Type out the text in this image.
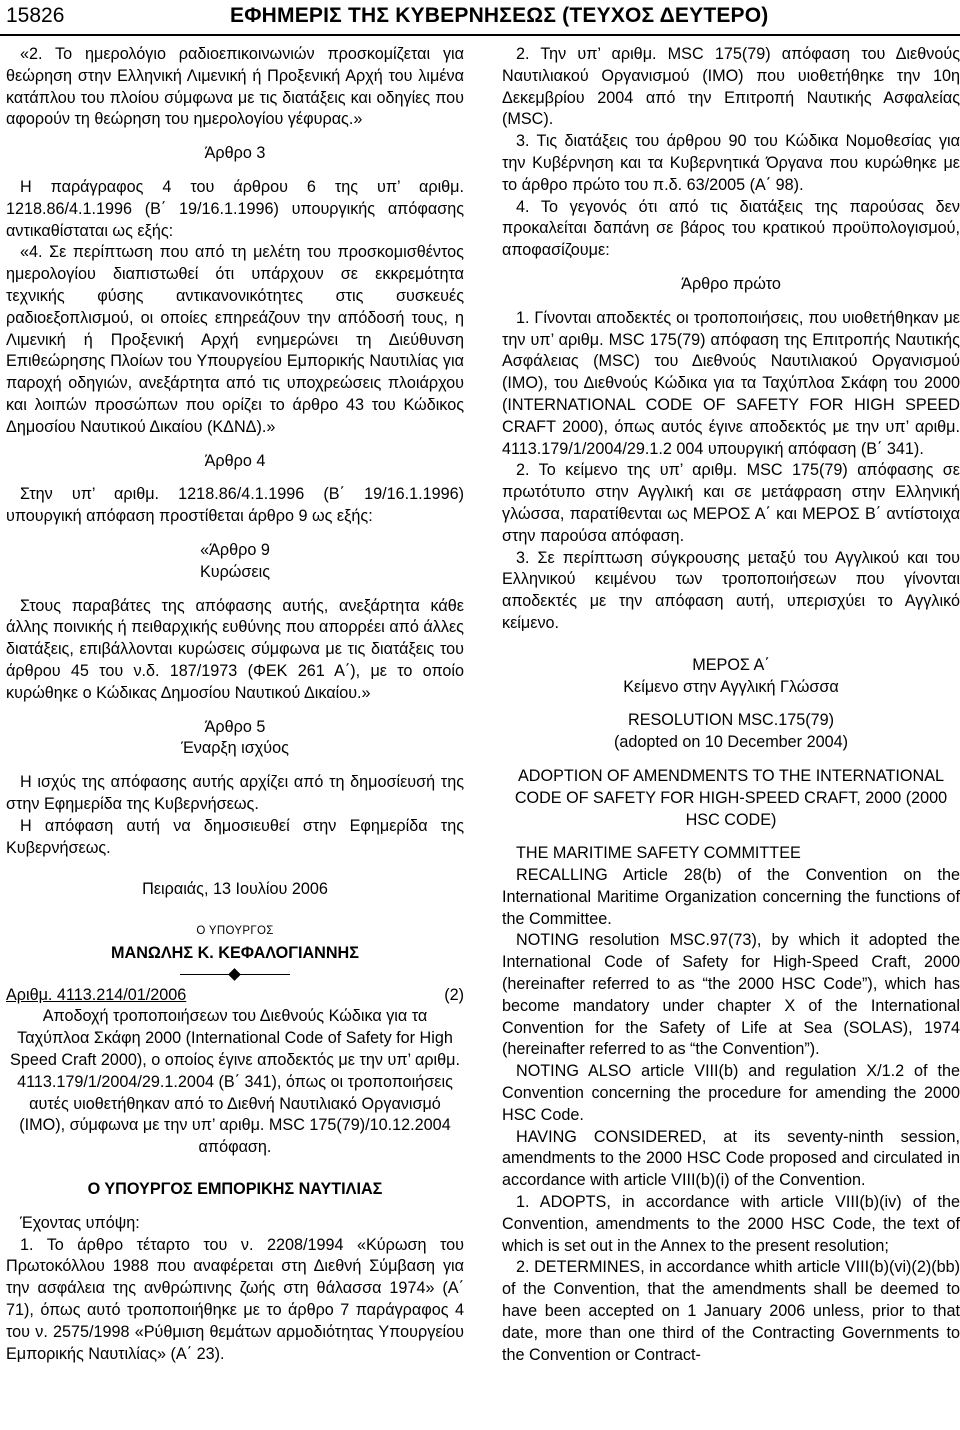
15826	ΕΦΗΜΕΡΙΣ ΤΗΣ ΚΥΒΕΡΝΗΣΕΩΣ (ΤΕΥΧΟΣ ΔΕΥΤΕΡΟ)

«2. Το ημερολόγιο ραδιοεπικοινωνιών προσκομίζεται για θεώρηση στην Ελληνική Λιμενική ή Προξενική Αρχή του λιμένα κατάπλου του πλοίου σύμφωνα με τις διατάξεις και οδηγίες που αφορούν τη θεώρηση του ημερολογίου γέφυρας.»

Άρθρο 3

Η παράγραφος 4 του άρθρου 6 της υπ’ αριθμ. 1218.86/4.1.1996 (Β΄ 19/16.1.1996) υπουργικής απόφασης αντικαθίσταται ως εξής:

«4. Σε περίπτωση που από τη μελέτη του προσκομισθέντος ημερολογίου διαπιστωθεί ότι υπάρχουν σε εκκρεμότητα τεχνικής φύσης αντικανονικότητες στις συσκευές ραδιοεξοπλισμού, οι οποίες επηρεάζουν την απόδοσή τους, η Λιμενική ή Προξενική Αρχή ενημερώνει τη Διεύθυνση Επιθεώρησης Πλοίων του Υπουργείου Εμπορικής Ναυτιλίας για παροχή οδηγιών, ανεξάρτητα από τις υποχρεώσεις πλοιάρχου και λοιπών προσώπων που ορίζει το άρθρο 43 του Κώδικος Δημοσίου Ναυτικού Δικαίου (ΚΔΝΔ).»

Άρθρο 4

Στην υπ’ αριθμ. 1218.86/4.1.1996 (Β΄ 19/16.1.1996) υπουργική απόφαση προστίθεται άρθρο 9 ως εξής:

«Άρθρο 9

Κυρώσεις

Στους παραβάτες της απόφασης αυτής, ανεξάρτητα κάθε άλλης ποινικής ή πειθαρχικής ευθύνης που απορρέει από άλλες διατάξεις, επιβάλλονται κυρώσεις σύμφωνα με τις διατάξεις του άρθρου 45 του ν.δ. 187/1973 (ΦΕΚ 261 Α΄), με το οποίο κυρώθηκε ο Κώδικας Δημοσίου Ναυτικού Δικαίου.»

Άρθρο 5

Έναρξη ισχύος

Η ισχύς της απόφασης αυτής αρχίζει από τη δημοσίευσή της στην Εφημερίδα της Κυβερνήσεως.

Η απόφαση αυτή να δημοσιευθεί στην Εφημερίδα της Κυβερνήσεως.

Πειραιάς, 13 Ιουλίου 2006

Ο ΥΠΟΥΡΓΟΣ

ΜΑΝΩΛΗΣ Κ. ΚΕΦΑΛΟΓΙΑΝΝΗΣ

Αριθμ. 4113.214/01/2006	(2)

Αποδοχή τροποποιήσεων του Διεθνούς Κώδικα για τα Ταχύπλοα Σκάφη 2000 (International Code of Safety for High Speed Craft 2000), ο οποίος έγινε αποδεκτός με την υπ’ αριθμ. 4113.179/1/2004/29.1.2004 (Β΄ 341), όπως οι τροποποιήσεις αυτές υιοθετήθηκαν από το Διεθνή Ναυτιλιακό Οργανισμό (ΙΜΟ), σύμφωνα με την υπ’ αριθμ. MSC 175(79)/10.12.2004 απόφαση.

Ο ΥΠΟΥΡΓΟΣ ΕΜΠΟΡΙΚΗΣ ΝΑΥΤΙΛΙΑΣ

Έχοντας υπόψη:

1. Το άρθρο τέταρτο του ν. 2208/1994 «Κύρωση του Πρωτοκόλλου 1988 που αναφέρεται στη Διεθνή Σύμβαση για την ασφάλεια της ανθρώπινης ζωής στη θάλασσα 1974» (Α΄ 71), όπως αυτό τροποποιήθηκε με το άρθρο 7 παράγραφος 4 του ν. 2575/1998 «Ρύθμιση θεμάτων αρμοδιότητας Υπουργείου Εμπορικής Ναυτιλίας» (Α΄ 23).

2. Την υπ’ αριθμ. MSC 175(79) απόφαση του Διεθνούς Ναυτιλιακού Οργανισμού (ΙΜΟ) που υιοθετήθηκε την 10η Δεκεμβρίου 2004 από την Επιτροπή Ναυτικής Ασφαλείας (MSC).

3. Τις διατάξεις του άρθρου 90 του Κώδικα Νομοθεσίας για την Κυβέρνηση και τα Κυβερνητικά Όργανα που κυρώθηκε με το άρθρο πρώτο του π.δ. 63/2005 (Α΄ 98).

4. Το γεγονός ότι από τις διατάξεις της παρούσας δεν προκαλείται δαπάνη σε βάρος του κρατικού προϋπολογισμού, αποφασίζουμε:

Άρθρο πρώτο

1. Γίνονται αποδεκτές οι τροποποιήσεις, που υιοθετήθηκαν με την υπ’ αριθμ. MSC 175(79) απόφαση της Επιτροπής Ναυτικής Ασφάλειας (MSC) του Διεθνούς Ναυτιλιακού Οργανισμού (ΙΜΟ), του Διεθνούς Κώδικα για τα Ταχύπλοα Σκάφη του 2000 (INTERNATIONAL CODE OF SAFETY FOR HIGH SPEED CRAFT 2000), όπως αυτός έγινε αποδεκτός με την υπ’ αριθμ. 4113.179/1/2004/29.1.2 004 υπουργική απόφαση (Β΄ 341).

2. Το κείμενο της υπ’ αριθμ. MSC 175(79) απόφασης σε πρωτότυπο στην Αγγλική και σε μετάφραση στην Ελληνική γλώσσα, παρατίθενται ως ΜΕΡΟΣ Α΄ και ΜΕΡΟΣ Β΄ αντίστοιχα στην παρούσα απόφαση.

3. Σε περίπτωση σύγκρουσης μεταξύ του Αγγλικού και του Ελληνικού κειμένου των τροποποιήσεων που γίνονται αποδεκτές με την απόφαση αυτή, υπερισχύει το Αγγλικό κείμενο.

ΜΕΡΟΣ Α΄

Κείμενο στην Αγγλική Γλώσσα

RESOLUTION MSC.175(79)

(adopted on 10 December 2004)

ADOPTION OF AMENDMENTS TO THE INTERNATIONAL CODE OF SAFETY FOR HIGH-SPEED CRAFT, 2000 (2000 HSC CODE)

THE MARITIME SAFETY COMMITTEE

RECALLING Article 28(b) of the Convention on the International Maritime Organization concerning the functions of the Committee.

NOTING resolution MSC.97(73), by which it adopted the International Code of Safety for High-Speed Craft, 2000 (hereinafter referred to as “the 2000 HSC Code”), which has become mandatory under chapter X of the International Convention for the Safety of Life at Sea (SOLAS), 1974 (hereinafter referred to as “the Convention”).

NOTING ALSO article VIII(b) and regulation X/1.2 of the Convention concerning the procedure for amending the 2000 HSC Code.

HAVING CONSIDERED, at its seventy-ninth session, amendments to the 2000 HSC Code proposed and circulated in accordance with article VIII(b)(i) of the Convention.

1. ADOPTS, in accordance with article VIII(b)(iv) of the Convention, amendments to the 2000 HSC Code, the text of which is set out in the Annex to the present resolution;

2. DETERMINES, in accordance whith article VIII(b)(vi)(2)(bb) of the Convention, that the amendments shall be deemed to have been accepted on 1 January 2006 unless, prior to that date, more than one third of the Contracting Governments to the Convention or Contract-
